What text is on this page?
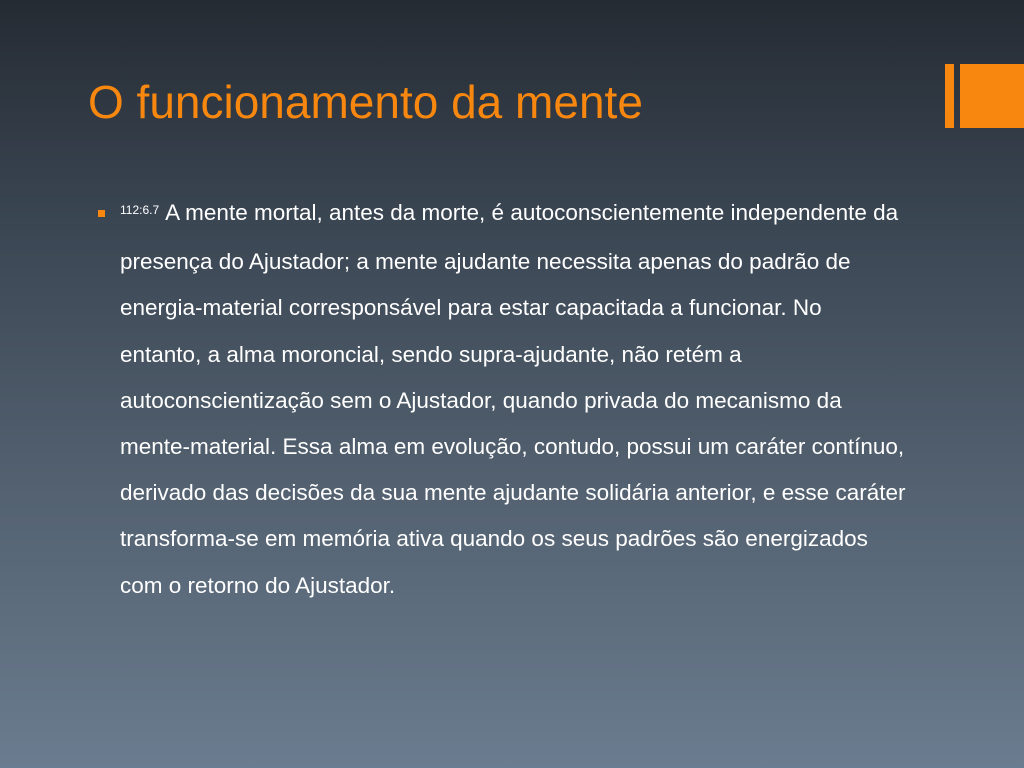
O funcionamento da mente

$^{112:6.7}$ A mente mortal, antes da morte, é autoconscientemente independente da presença do Ajustador; a mente ajudante necessita apenas do padrão de energia-material corresponsável para estar capacitada a funcionar. No entanto, a alma moroncial, sendo supra-ajudante, não retém a autoconscientização sem o Ajustador, quando privada do mecanismo da mente-material. Essa alma em evolução, contudo, possui um caráter contínuo, derivado das decisões da sua mente ajudante solidária anterior, e esse caráter transforma-se em memória ativa quando os seus padrões são energizados com o retorno do Ajustador.
